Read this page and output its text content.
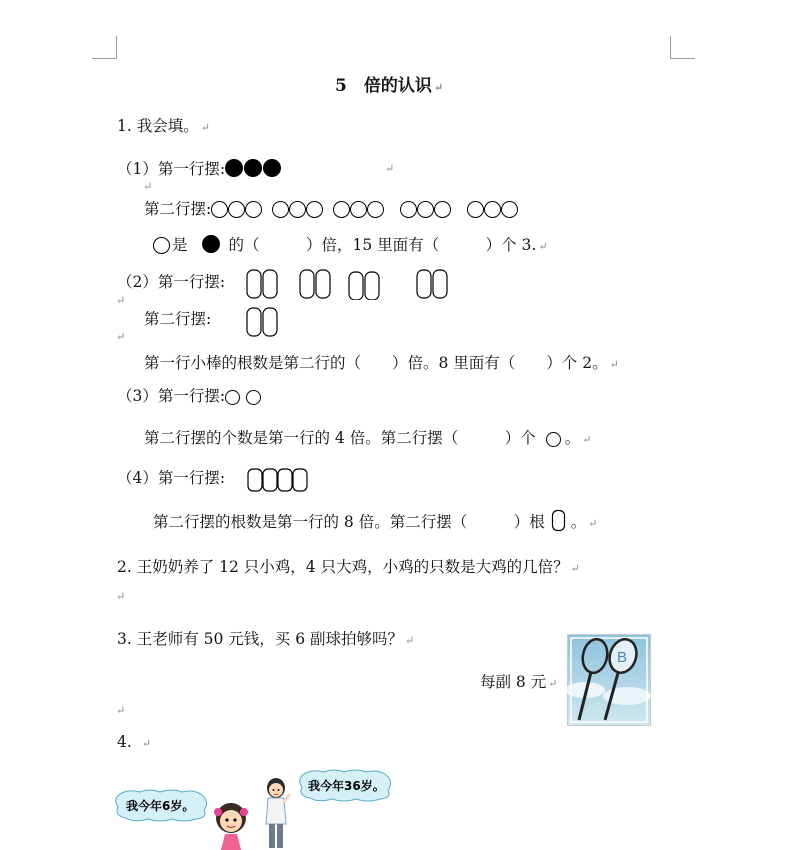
5　倍的认识 ↵
1. 我会填。 ↵
（1）第一行摆:	↵
↵
第二行摆:
是	的（　　　）倍，15 里面有（　　　）个 3. ↵
（2）第一行摆:
↵
第二行摆:
↵
第一行小棒的根数是第二行的（　　）倍。8 里面有（　　）个 2。 ↵
（3）第一行摆:
第二行摆的个数是第一行的 4 倍。第二行摆（　　　）个 。 ↵
（4）第一行摆:
第二行摆的根数是第一行的 8 倍。第二行摆（　　　）根 。 ↵
2. 王奶奶养了 12 只小鸡，4 只大鸡，小鸡的只数是大鸡的几倍？ ↵
↵
3. 王老师有 50 元钱，买 6 副球拍够吗？ ↵
每副 8 元 ↵
B
↵
4. ↵
我今年6岁。
我今年36岁。
